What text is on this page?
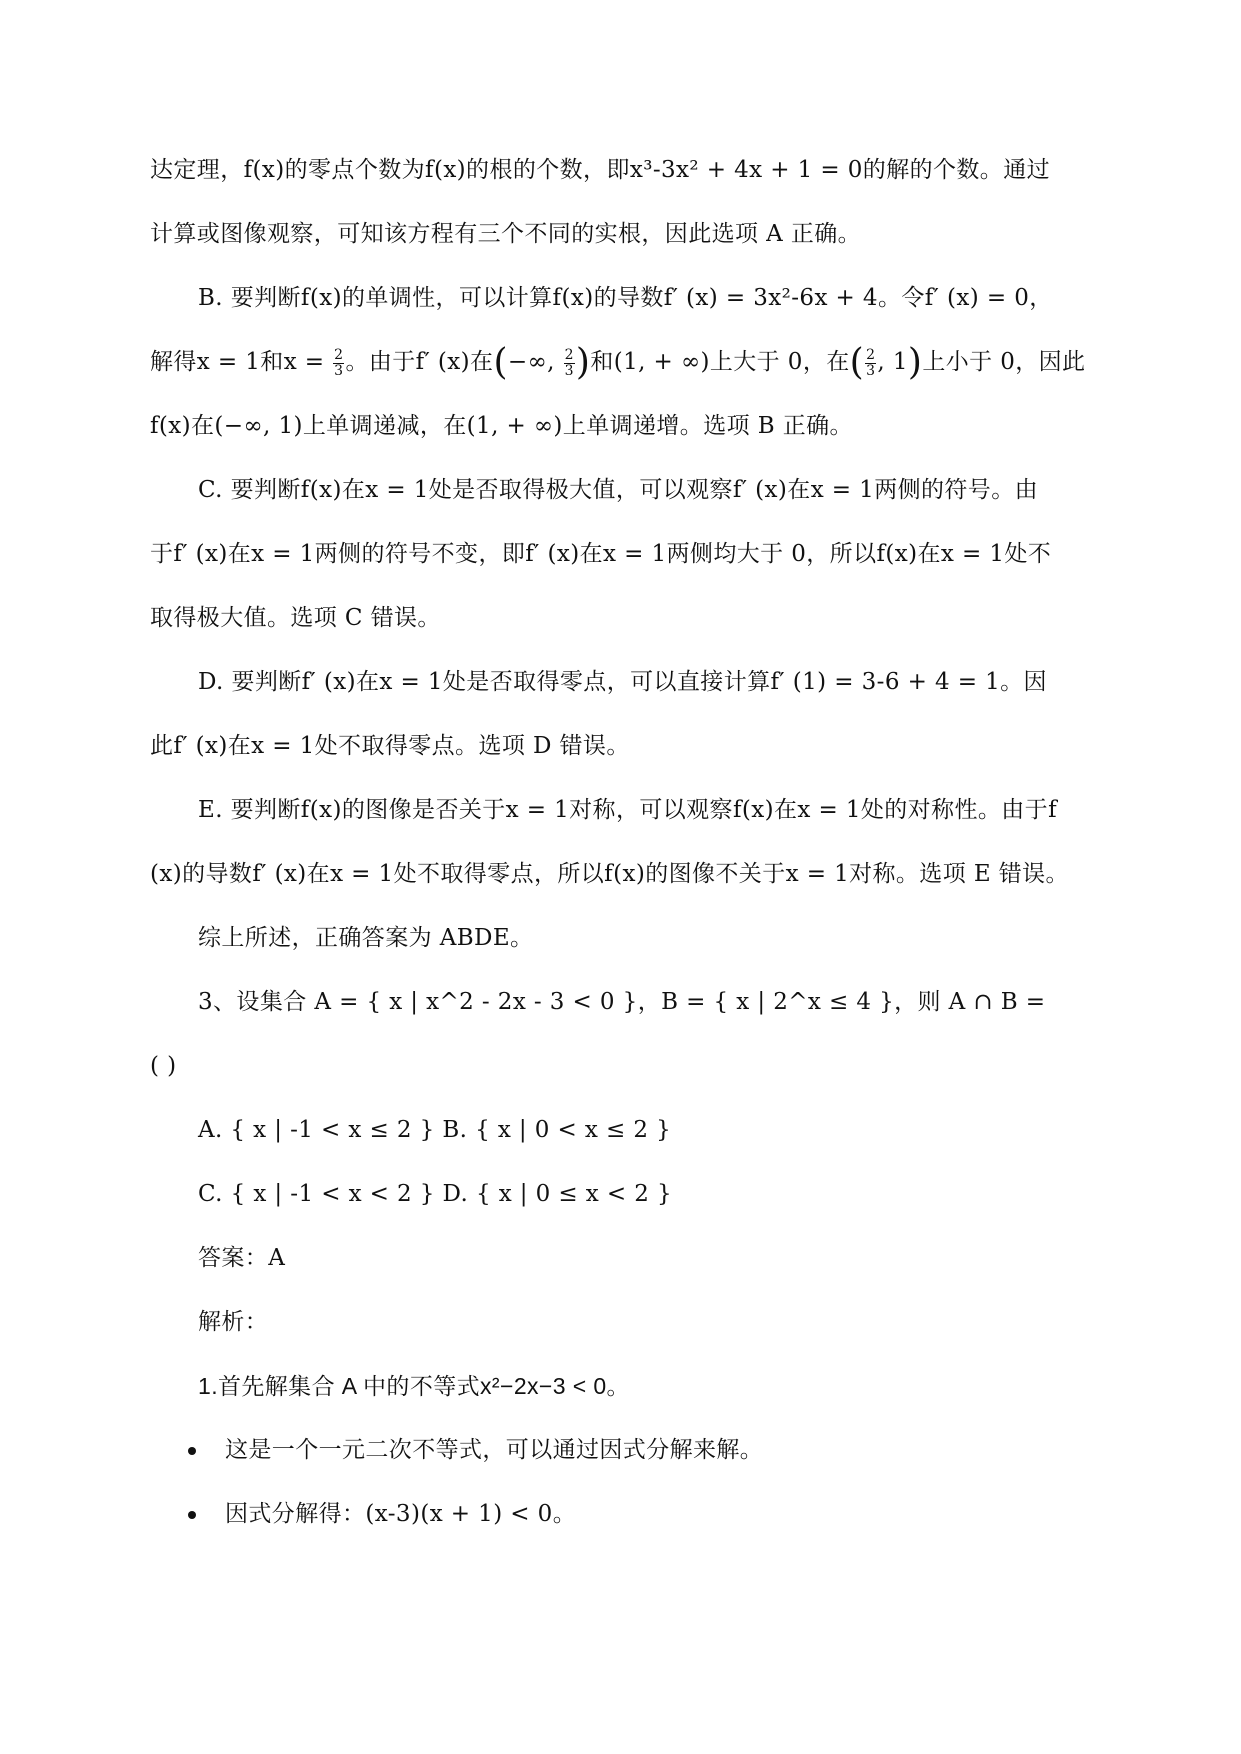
达定理，f(x)的零点个数为f(x)的根的个数，即x³-3x² + 4x + 1 = 0的解的个数。通过
计算或图像观察，可知该方程有三个不同的实根，因此选项 A 正确。
B. 要判断f(x)的单调性，可以计算f(x)的导数f′ (x) = 3x²-6x + 4。令f′ (x) = 0，
解得x = 1和$x = \frac{2}{3}$ 。由于f′ (x)在(−∞, $\frac{2}{3}$ )和(1, + ∞)上大于 0，在( $\frac{2}{3}$ , 1)上小于 0，因此
f(x)在(−∞, 1)上单调递减，在(1, + ∞)上单调递增。选项 B 正确。
C. 要判断f(x)在x = 1处是否取得极大值，可以观察f′ (x)在x = 1两侧的符号。由
于f′ (x)在x = 1两侧的符号不变，即f′ (x)在x = 1两侧均大于 0，所以f(x)在x = 1处不
取得极大值。选项 C 错误。
D. 要判断f′ (x)在x = 1处是否取得零点，可以直接计算f′ (1) = 3-6 + 4 = 1。因
此f′ (x)在x = 1处不取得零点。选项 D 错误。
E. 要判断f(x)的图像是否关于x = 1对称，可以观察f(x)在x = 1处的对称性。由于f
(x)的导数f′ (x)在x = 1处不取得零点，所以f(x)的图像不关于x = 1对称。选项 E 错误。
综上所述，正确答案为 ABDE。
3、设集合 A = { x | x^2 - 2x - 3 < 0 }，B = { x | 2^x ≤ 4 }，则 A ∩ B =
( )
A. { x | -1 < x ≤ 2 } B. { x | 0 < x ≤ 2 }
C. { x | -1 < x < 2 } D. { x | 0 ≤ x < 2 }
答案：A
解析：
1.首先解集合 A 中的不等式x²−2x−3 < 0。
这是一个一元二次不等式，可以通过因式分解来解。
因式分解得：(x-3)(x + 1) < 0。
